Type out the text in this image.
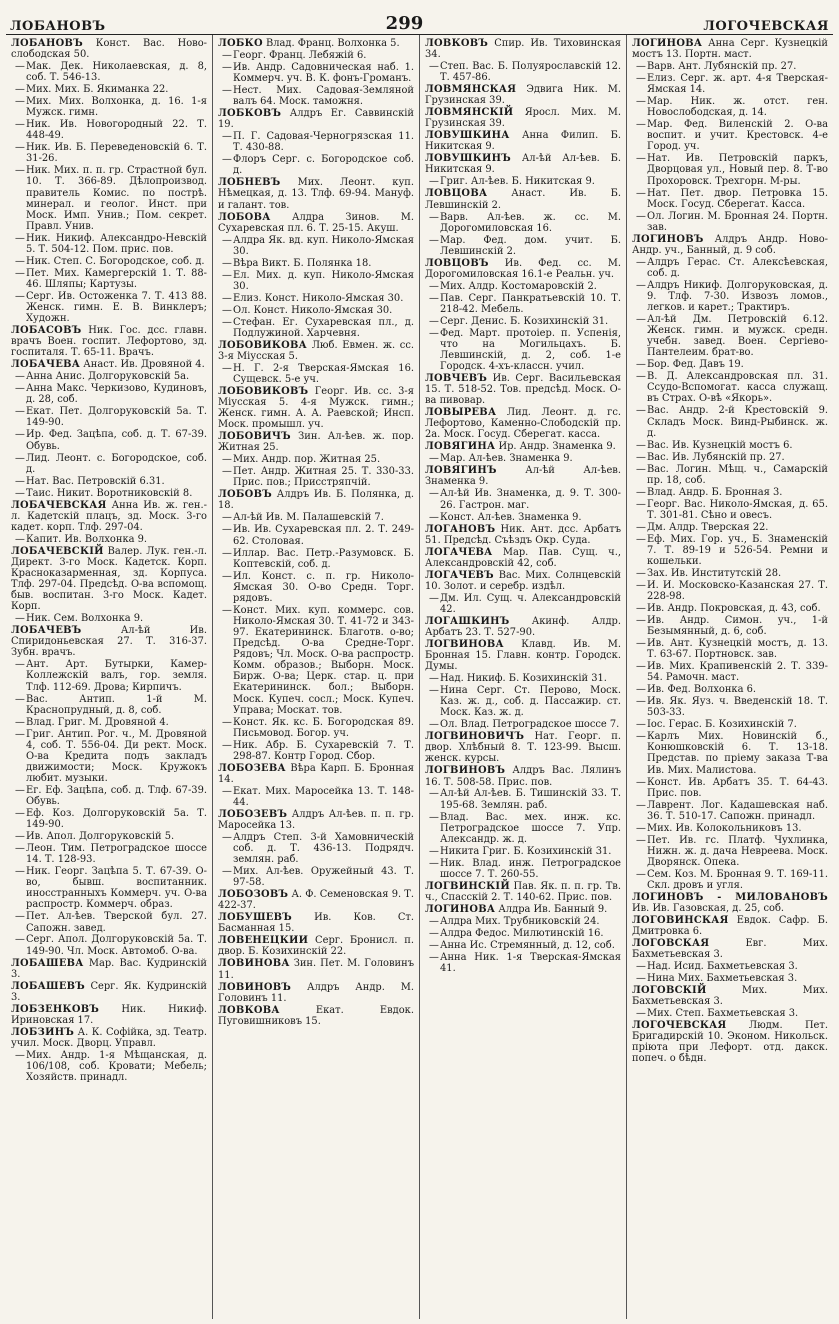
ЛОБАНОВЪ	299	ЛОГОЧЕВСКАЯ
ЛОБАНОВЪ Конст. Вас. Ново-слободская 50.
—Мак. Дек. Николаевская, д. 8, соб. Т. 546-13.
—Мих. Мих. Б. Якиманка 22.
—Мих. Мих. Волхонка, д. 16. 1-я Мужск. гимн.
—Ник. Ив. Новогородный 22. Т. 448-49.
—Ник. Ив. Б. Переведеновскій 6. Т. 31-26.
—Ник. Мих. п. п. гр. Страстной бул. 10. Т. 366-89. Дѣлопроизвод. правитель Комис. по пострѣ. минерал. и геолог. Инст. при Моск. Имп. Унив.; Пом. секрет. Правл. Унив.
—Ник. Никиф. Александро-Невскій 5. Т. 504-12. Пом. прис. пов.
—Ник. Степ. С. Богородское, соб. д.
—Пет. Мих. Камергерскій 1. Т. 88-46. Шляпы; Картузы.
—Серг. Ив. Остоженка 7. Т. 413 88. Женск. гимн. Е. В. Винклеръ; Художн.
ЛОБАСОВЪ Ник. Гос. дсс. главн. врачъ Воен. госпит. Лефортово, зд. госпиталя. Т. 65-11. Врачъ.
ЛОБАЧЕВА Анаст. Ив. Дровяной 4.
—Анна Анис. Долгоруковскій 5а.
—Анна Макс. Черкизово, Кудиновъ, д. 28, соб.
—Екат. Пет. Долгоруковскій 5а. Т. 149-90.
—Ир. Фед. Зацѣпа, соб. д. Т. 67-39. Обувь.
—Лид. Леонт. с. Богородское, соб. д.
—Нат. Вас. Петровскій 6.31.
—Таис. Никит. Воротниковскій 8.
ЛОБАЧЕВСКАЯ Анна Ив. ж. ген.-л. Кадетскій плацъ, зд. Моск. 3-го кадет. корп. Тлф. 297-04.
—Капит. Ив. Волхонка 9.
ЛОБАЧЕВСКІЙ Валер. Лук. ген.-л. Директ. 3-го Моск. Кадетск. Корп. Красноказарменная, зд. Корпуса. Тлф. 297-04. Предсѣд. О-ва вспомощ. быв. воспитан. 3-го Моск. Кадет. Корп.
—Ник. Сем. Волхонка 9.
ЛОБАЧЕВЪ	Ал-ѣй Ив. Спиридоньевская 27. Т. 316-37. Зубн. врачъ.
—Ант. Арт. Бутырки, Камер-Коллежскій валъ, гор. земля. Тлф. 112-69. Дрова; Кирпичъ.
—Вас. Антип. 1-й М. Краснопрудный, д. 8, соб.
—Влад. Григ. М. Дровяной 4.
—Григ. Антип. Рог. ч., М. Дровяной 4, соб. Т. 556-04. Ди рект. Моск. О-ва Кредита подъ закладъ движимости; Моск. Кружокъ любит. музыки.
—Ег. Еф. Зацѣпа, соб. д. Тлф. 67-39. Обувь.
—Еф. Коз. Долгоруковскій 5а. Т. 149-90.
—Ив. Апол. Долгоруковскій 5.
—Леон. Тим. Петроградское шоссе 14. Т. 128-93.
—Ник. Георг. Зацѣпа 5. Т. 67-39. О-во, бывш. воспитанник. иносстранныхъ Коммерч. уч. О-ва распростр. Коммерч. образ.
—Пет. Ал-ѣев. Тверской бул. 27. Сапожн. завед.
—Серг. Апол. Долгоруковскій 5а. Т. 149-90. Чл. Моск. Автомоб. О-ва.
ЛОБАШЕВА Мар. Вас. Кудринскій 3.
ЛОБАШЕВЪ Серг. Як. Кудринскій 3.
ЛОБЗЕНКОВЪ Ник. Никиф. Ириновская 17.
ЛОБЗИНЪ А. К. Софійка, зд. Театр. учил. Моск. Дворц. Управл.
—Мих. Андр. 1-я Мѣщанская, д. 106/108, соб. Кровати; Мебель; Хозяйств. принадл.
ЛОБКО Влад. Франц. Волхонка 5.
—Георг. Франц. Лебяжій 6.
—Ив. Андр. Садовническая наб. 1. Коммерч. уч. В. К. фонъ-Громанъ.
—Нест. Мих. Садовая-Земляной валъ 64. Моск. таможня.
ЛОБКОВЪ Алдръ Ег. Саввинскій 19.
—П. Г. Садовая-Черногрязская 11. Т. 430-88.
—Флоръ Серг. с. Богородское соб. д.
ЛОБНЕВЪ Мих. Леонт. куп. Нѣмецкая, д. 13. Тлф. 69-94. Мануф. и галант. тов.
ЛОБОВА Алдра Зинов. М. Сухаревская пл. 6. Т. 25-15. Акуш.
—Алдра Як. вд. куп. Николо-Ямская 30.
—Вѣра Викт. Б. Полянка 18.
—Ел. Мих. д. куп. Николо-Ямская 30.
—Елиз. Конст. Николо-Ямская 30.
—Ол. Конст. Николо-Ямская 30.
—Стефан. Ег. Сухаревская пл., д. Подлужиной. Харчевня.
ЛОБОВИКОВА Люб. Евмен. ж. сс. 3-я Міусская 5.
—Н. Г. 2-я Тверская-Ямская 16. Сущевск. 5-е уч.
ЛОБОВИКОВЪ Георг. Ив. сс. 3-я Міусская 5. 4-я Мужск. гимн.; Женск. гимн. А. А. Раевской; Инсп. Моск. промышл. уч.
ЛОБОВИЧЪ Зин. Ал-ѣев. ж. пор. Житная 25.
—Мих. Андр. пор. Житная 25.
—Пет. Андр. Житная 25. Т. 330-33. Прис. пов.; Присстряпчій.
ЛОБОВЪ Алдръ Ив. Б. Полянка, д. 18.
—Ал-ѣй Ив. М. Палашевскій 7.
—Ив. Ив. Сухаревская пл. 2. Т. 249-62. Столовая.
—Иллар. Вас. Петр.-Разумовск. Б. Коптевскій, соб. д.
—Ил. Конст. с. п. гр. Николо-Ямская 30. О-во Средн. Торг. рядовъ.
—Конст. Мих. куп. коммерс. сов. Николо-Ямская 30. Т. 41-72 и 343-97. Екатерининск. Благотв. о-во; Предсѣд. О-ва Средне-Торг. Рядовъ; Чл. Моск. О-ва распростр. Комм. образов.; Выборн. Моск. Бирж. О-ва; Церк. стар. ц. при Екатерининск. бол.; Выборн. Моск. Купеч. сосл.; Моск. Купеч. Управа; Москат. тов.
—Конст. Як. кс. Б. Богородская 89. Письмовод. Богор. уч.
—Ник. Абр. Б. Сухаревскій 7. Т. 298-87. Контр Город. Сбор.
ЛОБОЗЕВА Вѣра Карп. Б. Бронная 14.
—Екат. Мих. Маросейка 13. Т. 148-44.
ЛОБОЗЕВЪ Алдръ Ал-ѣев. п. п. гр. Маросейка 13.
—Алдръ Степ. 3-й Хамовническій соб. д. Т. 436-13. Подрядч. землян. раб.
—Мих. Ал-ѣев. Оружейный 43. Т. 97-58.
ЛОБОЗОВЪ А. Ф. Семеновская 9. Т. 422-37.
ЛОБУШЕВЪ Ив. Ков. Ст. Басманная 15.
ЛОВЕНЕЦКИИ Серг. Бронисл. п. двор. Б. Козихинскій 22.
ЛОВИНОВА Зин. Пет. М. Головинъ 11.
ЛОВИНОВЪ Алдръ Андр. М. Головинъ 11.
ЛОВКОВА	Екат. Евдок. Пуговишниковъ 15.
ЛОВКОВЪ Спир. Ив. Тиховинская 34.
—Степ. Вас. Б. Полуярославскій 12. Т. 457-86.
ЛОВМЯНСКАЯ Эдвига Ник. М. Грузинская 39.
ЛОВМЯНСКІЙ Яросл. Мих. М. Грузинская 39.
ЛОВУШКИНА Анна Филип. Б. Никитская 9.
ЛОВУШКИНЪ Ал-ѣй Ал-ѣев. Б. Никитская 9.
—Григ. Ал-ѣев. Б. Никитская 9.
ЛОВЦОВА Анаст. Ив. Б. Левшинскій 2.
—Варв. Ал-ѣев. ж. сс. М. Дорогомиловская 16.
—Мар. Фед. дом. учит. Б. Левшинскій 2.
ЛОВЦОВЪ Ив. Фед. сс. М. Дорогомиловская 16.1-е Реальн. уч.
—Мих. Алдр. Костомаровскій 2.
—Пав. Серг. Панкратьевскій 10. Т. 218-42. Мебель.
—Серг. Денис. Б. Козихинскій 31.
—Фед. Март. протоіер. п. Успенія, что на Могильцахъ. Б. Левшинскій, д. 2, соб. 1-е Городск. 4-хъ-классн. учил.
ЛОВЧЕВЪ Ив. Серг. Васильевская 15. Т. 518-52. Тов. предсѣд. Моск. О-ва пивовар.
ЛОВЫРЕВА Лид. Леонт. д. гс. Лефортово, Каменно-Слободскій пр. 2а. Моск. Госуд. Сберегат. касса.
ЛОВЯГИНА Ир. Андр. Знаменка 9.
—Мар. Ал-ѣев. Знаменка 9.
ЛОВЯГИНЪ	Ал-ѣй Ал-ѣев. Знаменка 9.
—Ал-ѣй Ив. Знаменка, д. 9. Т. 300-26. Гастрон. маг.
—Конст. Ал-ѣев. Знаменка 9.
ЛОГАНОВЪ Ник. Ант. дсс. Арбатъ 51. Предсѣд. Съѣздъ Окр. Суда.
ЛОГАЧЕВА Мар. Пав. Сущ. ч., Александровскій 42, соб.
ЛОГАЧЕВЪ Вас. Мих. Солнцевскій 10. Золот. и серебр. издѣл.
—Дм. Ил. Сущ. ч. Александровскій 42.
ЛОГАШКИНЪ Акинф. Алдр. Арбатъ 23. Т. 527-90.
ЛОГВИНОВА Клавд. Ив. М. Бронная 15. Главн. контр. Городск. Думы.
—Над. Никиф. Б. Козихинскій 31.
—Нина Серг. Ст. Перово, Моск. Каз. ж. д., соб. д. Пассажир. ст. Моск. Каз. ж. д.
—Ол. Влад. Петроградское шоссе 7.
ЛОГВИНОВИЧЪ Нат. Георг. п. двор. Хлѣбный 8. Т. 123-99. Высш. женск. курсы.
ЛОГВИНОВЪ Алдръ Вас. Лялинъ 16. Т. 508-58. Прис. пов.
—Ал-ѣй Ал-ѣев. Б. Тишинскій 33. Т. 195-68. Землян. раб.
—Влад. Вас. мех. инж. кс. Петроградское шоссе 7. Упр. Александр. ж. д.
—Никита Григ. Б. Козихинскій 31.
—Ник. Влад. инж. Петроградское шоссе 7. Т. 260-55.
ЛОГВИНСКІЙ Пав. Як. п. п. гр. Тв. ч., Спасскій 2. Т. 140-62. Прис. пов.
ЛОГИНОВА Алдра Ив. Банный 9.
—Алдра Мих. Трубниковскій 24.
—Алдра Федос. Милютинскій 16.
—Анна Ис. Стремянный, д. 12, соб.
—Анна Ник. 1-я Тверская-Ямская 41.
ЛОГИНОВА Анна Серг. Кузнецкій мостъ 13. Портн. маст.
—Варв. Ант. Лубянскій пр. 27.
—Елиз. Серг. ж. арт. 4-я Тверская-Ямская 14.
—Мар. Ник. ж. отст. ген. Новослободская, д. 14.
—Мар. Фед. Виленскій 2. О-ва воспит. и учит. Крестовск. 4-е Город. уч.
—Нат. Ив. Петровскій паркъ, Дворцовая ул., Новый пер. 8. Т-во Прохоровск. Трехгорн. М-ры.
—Нат. Пет. двор. Петровка 15. Моск. Госуд. Сберегат. Касса.
—Ол. Логин. М. Бронная 24. Портн. зав.
ЛОГИНОВЪ Алдръ Андр. Ново-Андр. уч., Банный, д. 9 соб.
—Алдръ Герас. Ст. Алексѣевская, соб. д.
—Алдръ Никиф. Долгоруковская, д. 9. Тлф. 7-30. Извозъ ломов., легков. и карет.; Трактиръ.
—Ал-ѣй Дм. Петровскій 6.12. Женск. гимн. и мужск. средн. учебн. завед. Воен. Сергіево-Пантелеим. брат-во.
—Бор. Фед. Давъ 19.
—В. Д. Александровская пл. 31. Ссудо-Вспомогат. касса служащ. въ Страх. О-вѣ «Якорь».
—Вас. Андр. 2-й Крестовскій 9. Складъ Моск. Винд-Рыбинск. ж. д.
—Вас. Ив. Кузнецкій мостъ 6.
—Вас. Ив. Лубянскій пр. 27.
—Вас. Логин. Мѣщ. ч., Самарскій пр. 18, соб.
—Влад. Андр. Б. Бронная 3.
—Георг. Вас. Николо-Ямская, д. 65. Т. 301-81. Сѣно и овесъ.
—Дм. Алдр. Тверская 22.
—Еф. Мих. Гор. уч., Б. Знаменскій 7. Т. 89-19 и 526-54. Ремни и кошельки.
—Зах. Ив. Институтскій 28.
—И. И. Московско-Казанская 27. Т. 228-98.
—Ив. Андр. Покровская, д. 43, соб.
—Ив. Андр. Симон. уч., 1-й Безымянный, д. 6, соб.
—Ив. Ант. Кузнецкій мостъ, д. 13. Т. 63-67. Портновск. зав.
—Ив. Мих. Крапивенскій 2. Т. 339-54. Рамочн. маст.
—Ив. Фед. Волхонка 6.
—Ив. Як. Яуз. ч. Введенскій 18. Т. 503-33.
—Іос. Герас. Б. Козихинскій 7.
—Карлъ Мих. Новинскій б., Конюшковскій 6. Т. 13-18. Представ. по пріему заказа Т-ва Ив. Мих. Малистова.
—Конст. Ив. Арбатъ 35. Т. 64-43. Прис. пов.
—Лаврент. Лог. Кадашевская наб. 36. Т. 510-17. Сапожн. принадл.
—Мих. Ив. Колокольниковъ 13.
—Пет. Ив. гс. Платф. Чухлинка, Нижн. ж. д. дача Невреева. Моск. Дворянск. Опека.
—Сем. Коз. М. Бронная 9. Т. 169-11. Скл. дровъ и угля.
ЛОГИНОВЪ - МИЛОВАНОВЪ Ив. Ив. Газовская, д. 25, соб.
ЛОГОВИНСКАЯ Евдок. Сафр. Б. Дмитровка 6.
ЛОГОВСКАЯ	Евг. Мих. Бахметьевская 3.
—Над. Исид. Бахметьевская 3.
—Нина Мих. Бахметьевская 3.
ЛОГОВСКІЙ	Мих. Мих. Бахметьевская 3.
—Мих. Степ. Бахметьевская 3.
ЛОГОЧЕВСКАЯ Людм. Пет. Бригадирскій 10. Эконом. Никольск. пріюта при Лефорт. отд. дакск. попеч. о бѣдн.
